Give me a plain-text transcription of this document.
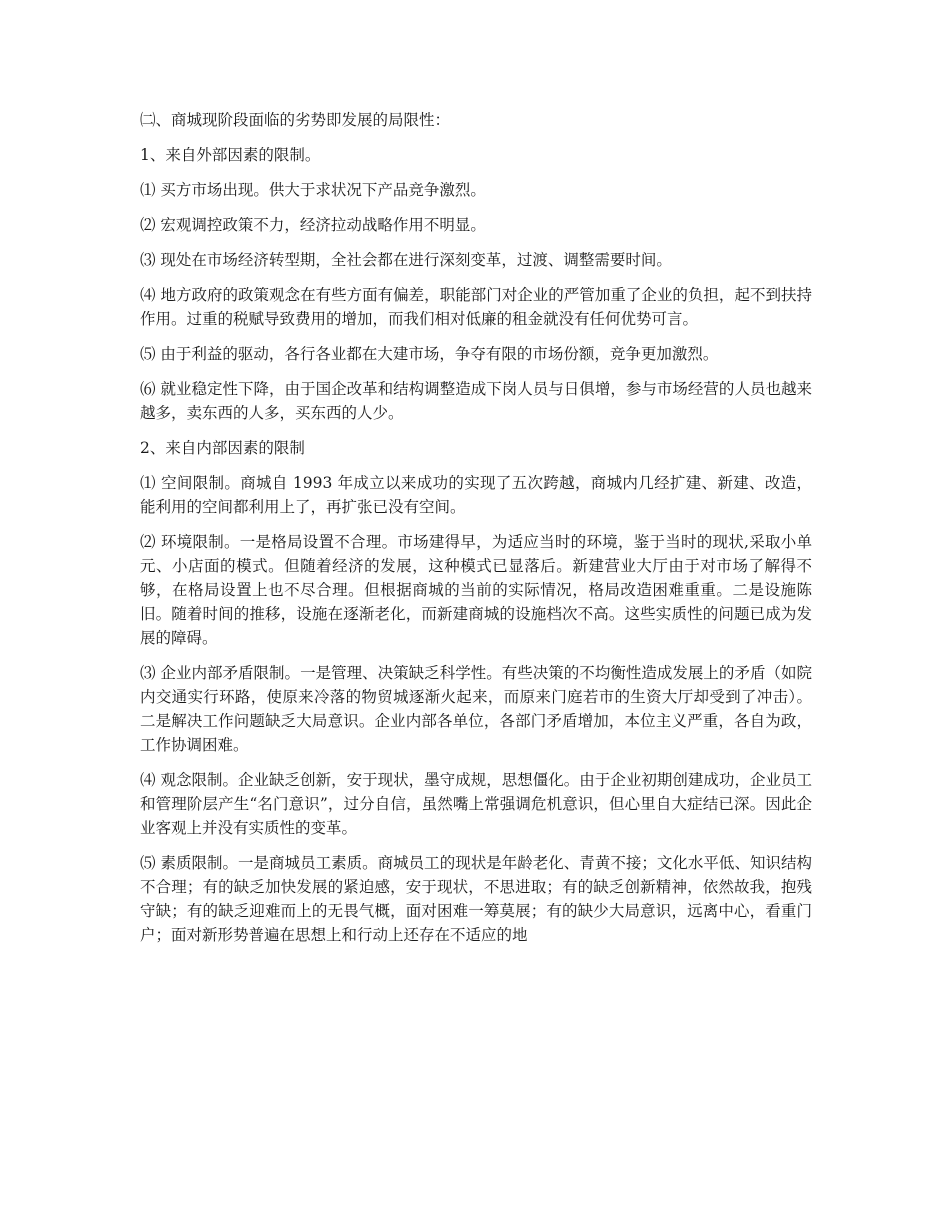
㈡、商城现阶段面临的劣势即发展的局限性：

1、来自外部因素的限制。

⑴ 买方市场出现。供大于求状况下产品竞争激烈。

⑵ 宏观调控政策不力，经济拉动战略作用不明显。

⑶ 现处在市场经济转型期，全社会都在进行深刻变革，过渡、调整需要时间。

⑷ 地方政府的政策观念在有些方面有偏差，职能部门对企业的严管加重了企业的负担，起不到扶持作用。过重的税赋导致费用的增加，而我们相对低廉的租金就没有任何优势可言。

⑸ 由于利益的驱动，各行各业都在大建市场，争夺有限的市场份额，竞争更加激烈。

⑹ 就业稳定性下降，由于国企改革和结构调整造成下岗人员与日俱增，参与市场经营的人员也越来越多，卖东西的人多，买东西的人少。

2、来自内部因素的限制

⑴ 空间限制。商城自 1993 年成立以来成功的实现了五次跨越，商城内几经扩建、新建、改造，能利用的空间都利用上了，再扩张已没有空间。

⑵ 环境限制。一是格局设置不合理。市场建得早，为适应当时的环境，鉴于当时的现状,采取小单元、小店面的模式。但随着经济的发展，这种模式已显落后。新建营业大厅由于对市场了解得不够，在格局设置上也不尽合理。但根据商城的当前的实际情况，格局改造困难重重。二是设施陈旧。随着时间的推移，设施在逐渐老化，而新建商城的设施档次不高。这些实质性的问题已成为发展的障碍。

⑶ 企业内部矛盾限制。一是管理、决策缺乏科学性。有些决策的不均衡性造成发展上的矛盾（如院内交通实行环路，使原来冷落的物贸城逐渐火起来，而原来门庭若市的生资大厅却受到了冲击）。二是解决工作问题缺乏大局意识。企业内部各单位，各部门矛盾增加，本位主义严重，各自为政，工作协调困难。

⑷ 观念限制。企业缺乏创新，安于现状，墨守成规，思想僵化。由于企业初期创建成功，企业员工和管理阶层产生“名门意识”，过分自信，虽然嘴上常强调危机意识，但心里自大症结已深。因此企业客观上并没有实质性的变革。

⑸ 素质限制。一是商城员工素质。商城员工的现状是年龄老化、青黄不接；文化水平低、知识结构不合理；有的缺乏加快发展的紧迫感，安于现状，不思进取；有的缺乏创新精神，依然故我，抱残守缺；有的缺乏迎难而上的无畏气概，面对困难一筹莫展；有的缺少大局意识，远离中心，看重门户；面对新形势普遍在思想上和行动上还存在不适应的地
